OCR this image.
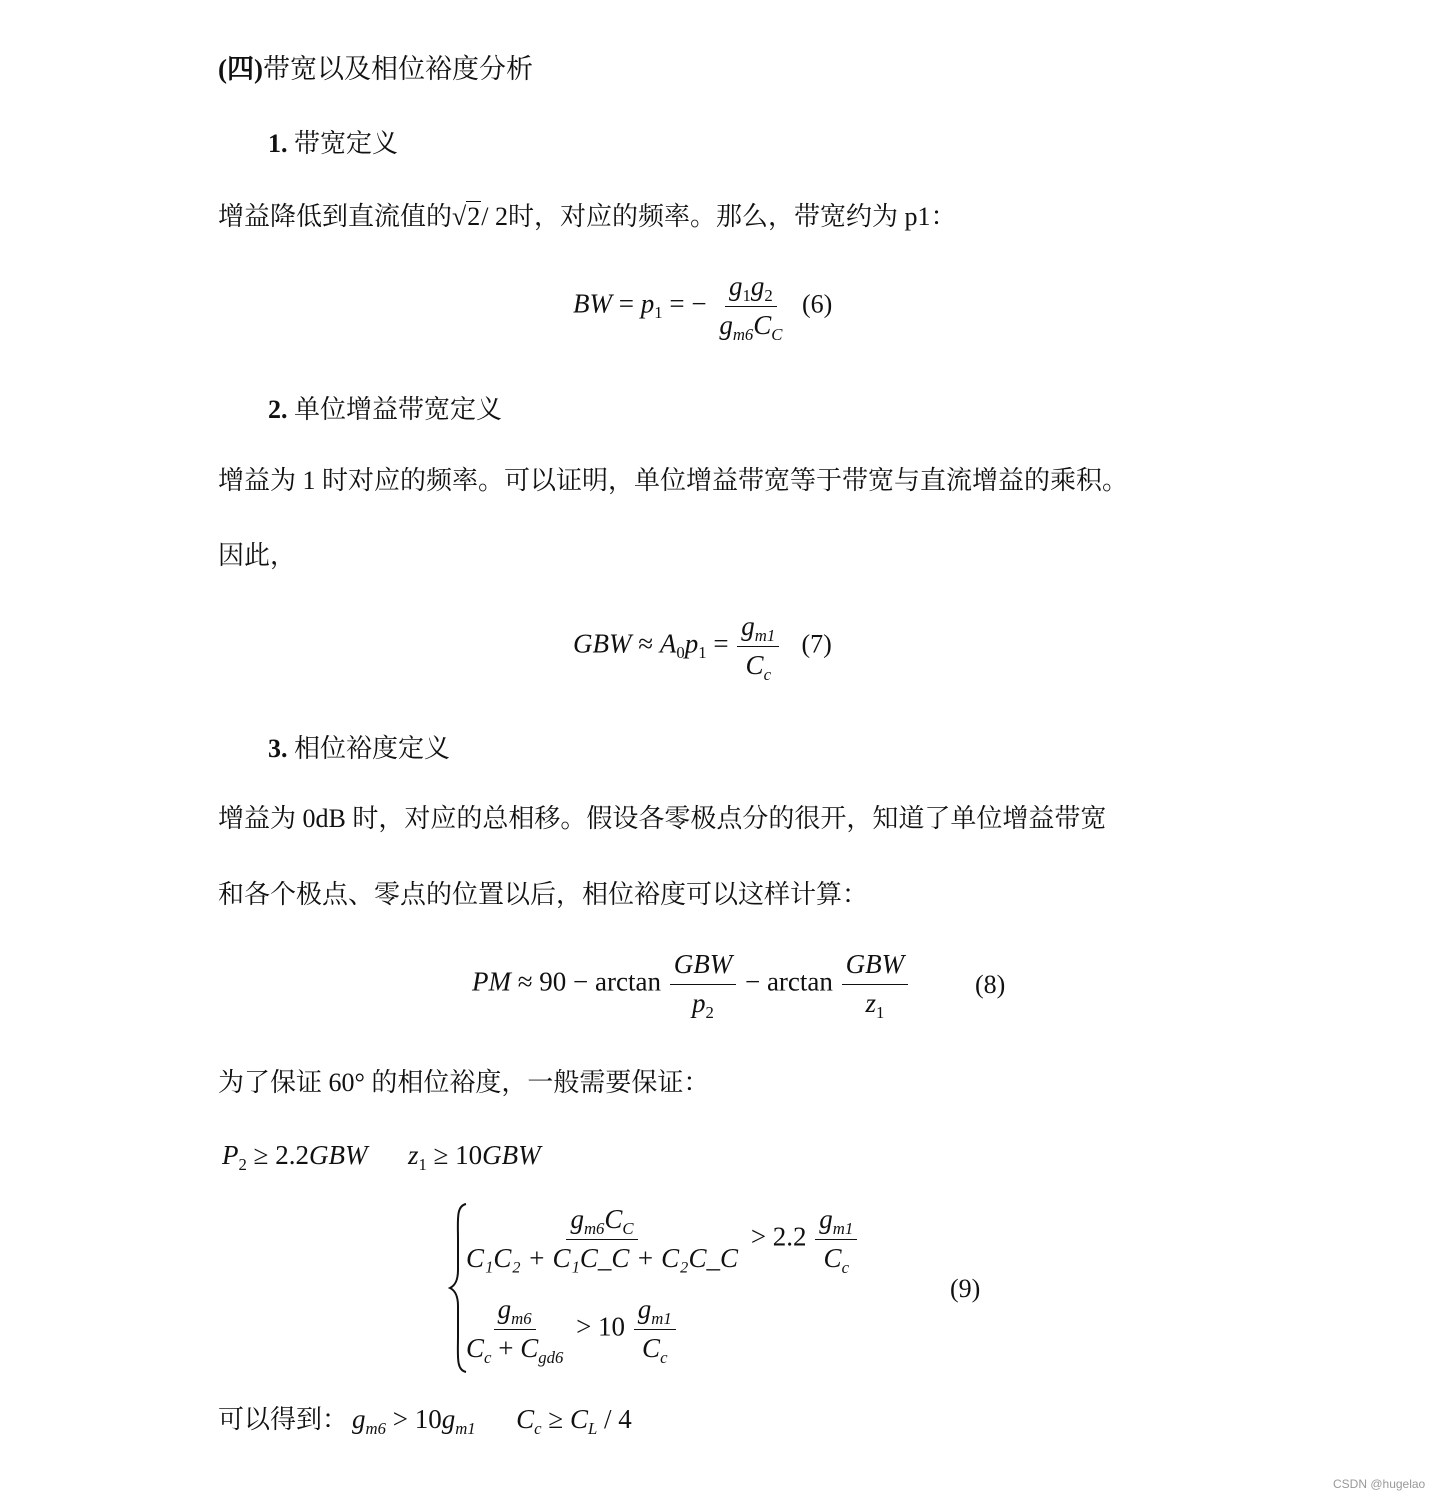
(四)带宽以及相位裕度分析
1. 带宽定义
增益降低到直流值的√2/ 2时，对应的频率。那么，带宽约为 p1：
BW = $p_1$ = − $\frac{g_1g_2}{g_{m6}C_C} (6)$
2. 单位增益带宽定义
增益为 1 时对应的频率。可以证明，单位增益带宽等于带宽与直流增益的乘积。
因此，
GBW ≈ $A_0p_1 = \frac{g_{m1}}{C_c} (7)$
3. 相位裕度定义
增益为 0dB 时，对应的总相移。假设各零极点分的很开，知道了单位增益带宽
和各个极点、零点的位置以后，相位裕度可以这样计算：
PM ≈ $90 - \arctan \frac{\text{GBW}}{p_2} - \arctan \frac{\text{GBW}}{z_1}$	(8)
为了保证 60° 的相位裕度，一般需要保证：
$P_2 \ge 2.2GBW$ $z_1 \ge 10GBW$
$\frac{g_{m6}C_C}{\text{C₁C₂ + C₁C\_C + C₂C\_C}} > 2.2 \frac{g_{m1}}{C_c}$
$\frac{g_{m6}}{C_c + C_{gd6}} > 10 \frac{g_{m1}}{C_c}$
(9)
可以得到： $g_{m6} > 10g_{m1}$ $C_c \ge C_L / 4$
CSDN @hugelao
